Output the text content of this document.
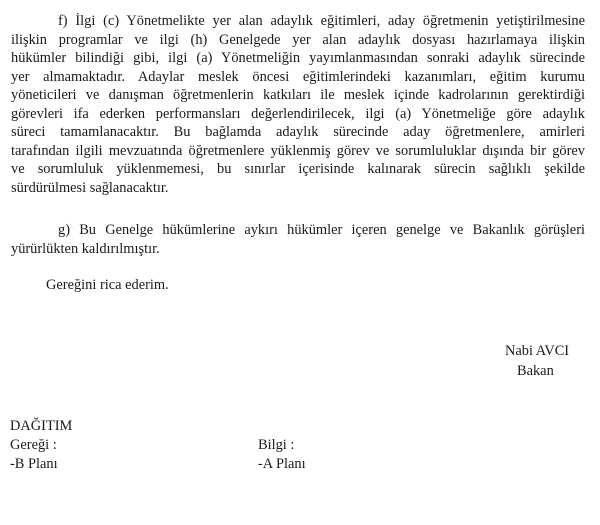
f) İlgi (c) Yönetmelikte yer alan adaylık eğitimleri, aday öğretmenin yetiştirilmesine
ilişkin programlar ve ilgi (h) Genelgede yer alan adaylık dosyası hazırlamaya ilişkin
hükümler bilindiği gibi, ilgi (a) Yönetmeliğin yayımlanmasından sonraki adaylık sürecinde
yer almamaktadır. Adaylar meslek öncesi eğitimlerindeki kazanımları, eğitim kurumu
yöneticileri ve danışman öğretmenlerin katkıları ile meslek içinde kadrolarının gerektirdiği
görevleri ifa ederken performansları değerlendirilecek, ilgi (a) Yönetmeliğe göre adaylık
süreci tamamlanacaktır. Bu bağlamda adaylık sürecinde aday öğretmenlere, amirleri
tarafından ilgili mevzuatında öğretmenlere yüklenmiş görev ve sorumluluklar dışında bir görev
ve sorumluluk yüklenmemesi, bu sınırlar içerisinde kalınarak sürecin sağlıklı şekilde
sürdürülmesi sağlanacaktır.
g) Bu Genelge hükümlerine aykırı hükümler içeren genelge ve Bakanlık görüşleri
yürürlükten kaldırılmıştır.

Gereğini rica ederim.

Nabi AVCI
Bakan
DAĞITIM
Gereği :	Bilgi :
-B Planı	-A Planı
